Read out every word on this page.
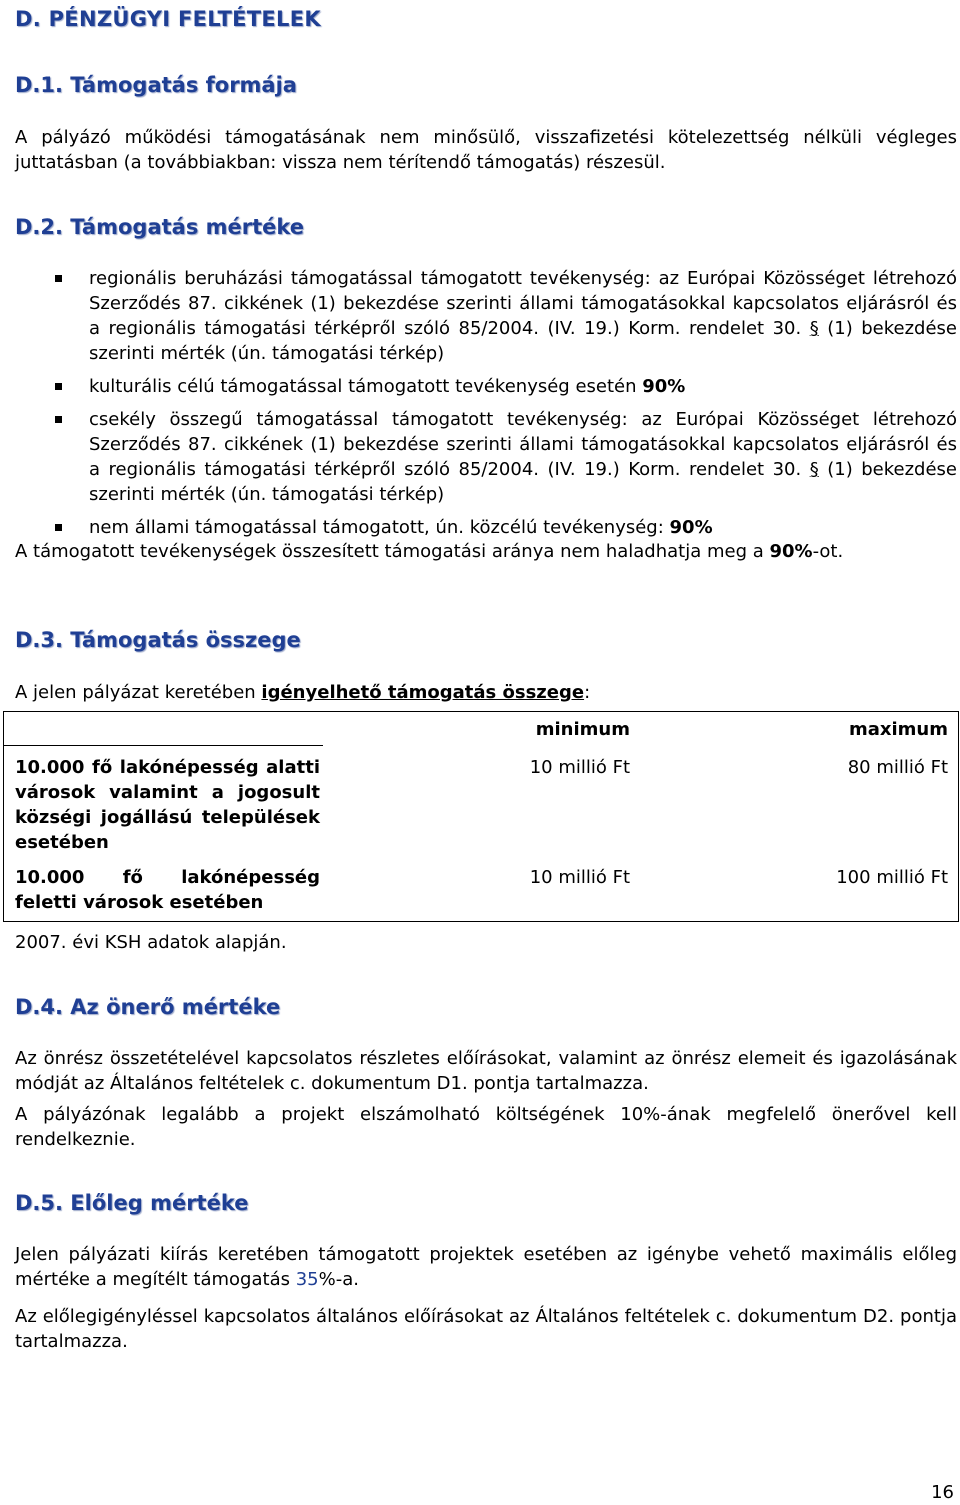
D. PÉNZÜGYI FELTÉTELEK
D.1. Támogatás formája
A pályázó működési támogatásának nem minősülő, visszafizetési kötelezettség nélküli végleges juttatásban (a továbbiakban: vissza nem térítendő támogatás) részesül.
D.2. Támogatás mértéke
regionális beruházási támogatással támogatott tevékenység: az Európai Közösséget létrehozó Szerződés 87. cikkének (1) bekezdése szerinti állami támogatásokkal kapcsolatos eljárásról és a regionális támogatási térképről szóló 85/2004. (IV. 19.) Korm. rendelet 30. § (1) bekezdése szerinti mérték (ún. támogatási térkép)
kulturális célú támogatással támogatott tevékenység esetén 90%
csekély összegű támogatással támogatott tevékenység: az Európai Közösséget létrehozó Szerződés 87. cikkének (1) bekezdése szerinti állami támogatásokkal kapcsolatos eljárásról és a regionális támogatási térképről szóló 85/2004. (IV. 19.) Korm. rendelet 30. § (1) bekezdése szerinti mérték (ún. támogatási térkép)
nem állami támogatással támogatott, ún. közcélú tevékenység: 90%
A támogatott tevékenységek összesített támogatási aránya nem haladhatja meg a 90%-ot.
D.3. Támogatás összege
A jelen pályázat keretében igényelhető támogatás összege:
	minimum	maximum
10.000 fő lakónépesség alatti városok valamint a jogosult községi jogállású települések esetében	10 millió Ft	80 millió Ft
10.000 fő lakónépesség feletti városok esetében	10 millió Ft	100 millió Ft
2007. évi KSH adatok alapján.
D.4. Az önerő mértéke
Az önrész összetételével kapcsolatos részletes előírásokat, valamint az önrész elemeit és igazolásának módját az Általános feltételek c. dokumentum D1. pontja tartalmazza.
A pályázónak legalább a projekt elszámolható költségének 10%-ának megfelelő önerővel kell rendelkeznie.
D.5. Előleg mértéke
Jelen pályázati kiírás keretében támogatott projektek esetében az igénybe vehető maximális előleg mértéke a megítélt támogatás 35%-a.
Az előlegigényléssel kapcsolatos általános előírásokat az Általános feltételek c. dokumentum D2. pontja tartalmazza.
16
